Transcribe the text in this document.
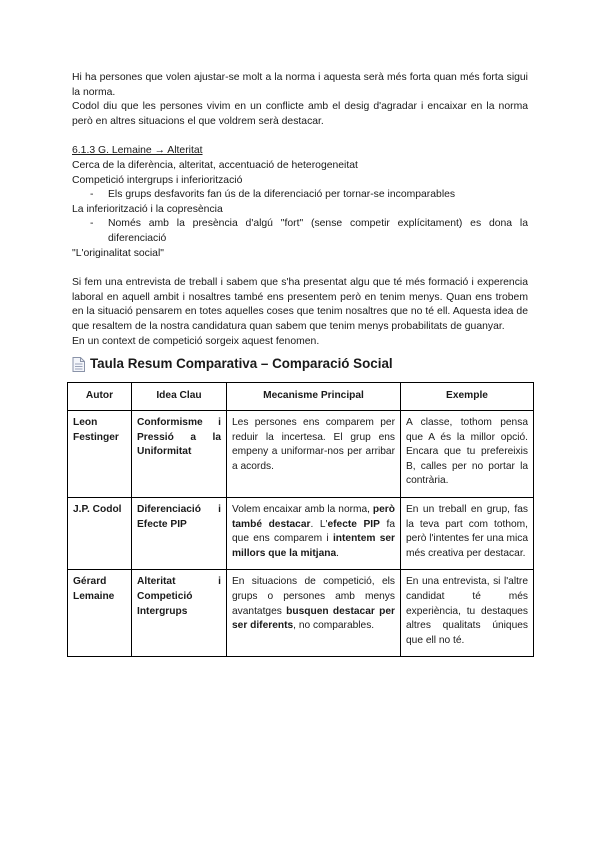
Hi ha persones que volen ajustar-se molt a la norma i aquesta serà més forta quan més forta sigui la norma.

Codol diu que les persones vivim en un conflicte amb el desig d'agradar i encaixar en la norma però en altres situacions el que voldrem serà destacar.

6.1.3 G. Lemaine → Alteritat

Cerca de la diferència, alteritat, accentuació de heterogeneitat

Competició intergrups i inferiorització

-	Els grups desfavorits fan ús de la diferenciació per tornar-se incomparables

La inferiorització i la copresència

-	Només amb la presència d'algú "fort" (sense competir explícitament) es dona la diferenciació

"L'originalitat social"

Si fem una entrevista de treball i sabem que s'ha presentat algu que té més formació i experencia laboral en aquell ambit i nosaltres també ens presentem però en tenim menys. Quan ens trobem en la situació pensarem en totes aquelles coses que tenim nosaltres que no té ell. Aquesta idea de que resaltem de la nostra candidatura quan sabem que tenim menys probabilitats de guanyar.

En un context de competició sorgeix aquest fenomen.

Taula Resum Comparativa – Comparació Social
Autor	Idea Clau	Mecanisme Principal	Exemple
Leon Festinger	Conformisme i Pressió a la Uniformitat	Les persones ens comparem per reduir la incertesa. El grup ens empeny a uniformar-nos per arribar a acords.	A classe, tothom pensa que A és la millor opció. Encara que tu prefereixis B, calles per no portar la contrària.
J.P. Codol	Diferenciació i Efecte PIP	Volem encaixar amb la norma, però també destacar. L'efecte PIP fa que ens comparem i intentem ser millors que la mitjana.	En un treball en grup, fas la teva part com tothom, però l'intentes fer una mica més creativa per destacar.
Gérard Lemaine	Alteritat i Competició Intergrups	En situacions de competició, els grups o persones amb menys avantatges busquen destacar per ser diferents, no comparables.	En una entrevista, si l'altre candidat té més experiència, tu destaques altres qualitats úniques que ell no té.
